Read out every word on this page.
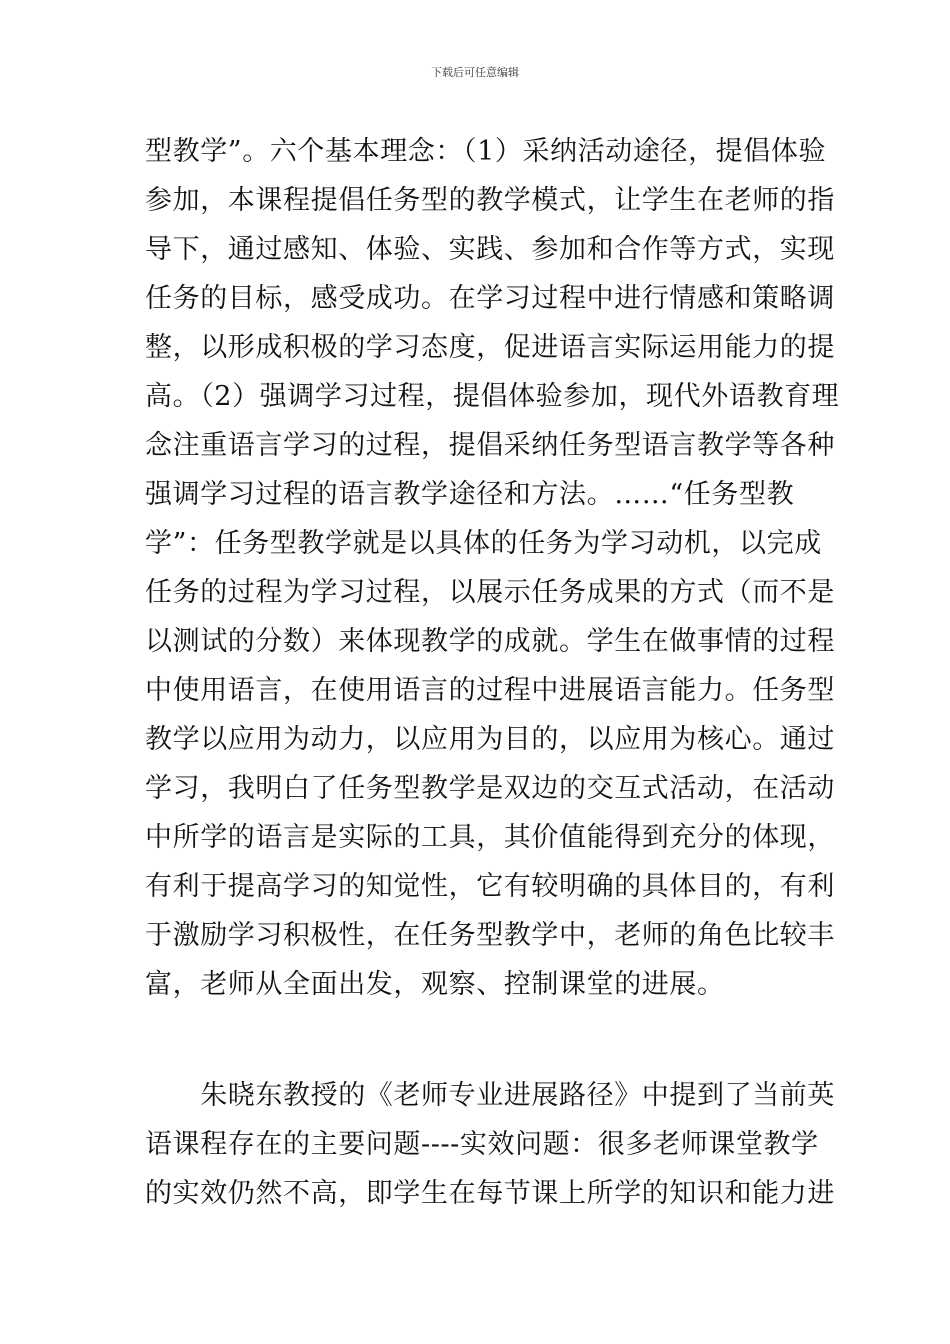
下载后可任意编辑
型教学”。六个基本理念：（1）采纳活动途径，提倡体验
参加，本课程提倡任务型的教学模式，让学生在老师的指
导下，通过感知、体验、实践、参加和合作等方式，实现
任务的目标，感受成功。在学习过程中进行情感和策略调
整，以形成积极的学习态度，促进语言实际运用能力的提
高。（2）强调学习过程，提倡体验参加，现代外语教育理
念注重语言学习的过程，提倡采纳任务型语言教学等各种
强调学习过程的语言教学途径和方法。……“任务型教
学”：任务型教学就是以具体的任务为学习动机，以完成
任务的过程为学习过程，以展示任务成果的方式（而不是
以测试的分数）来体现教学的成就。学生在做事情的过程
中使用语言，在使用语言的过程中进展语言能力。任务型
教学以应用为动力，以应用为目的，以应用为核心。通过
学习，我明白了任务型教学是双边的交互式活动，在活动
中所学的语言是实际的工具，其价值能得到充分的体现，
有利于提高学习的知觉性，它有较明确的具体目的，有利
于激励学习积极性，在任务型教学中，老师的角色比较丰
富，老师从全面出发，观察、控制课堂的进展。
　　朱晓东教授的《老师专业进展路径》中提到了当前英
语课程存在的主要问题----实效问题：很多老师课堂教学
的实效仍然不高，即学生在每节课上所学的知识和能力进
